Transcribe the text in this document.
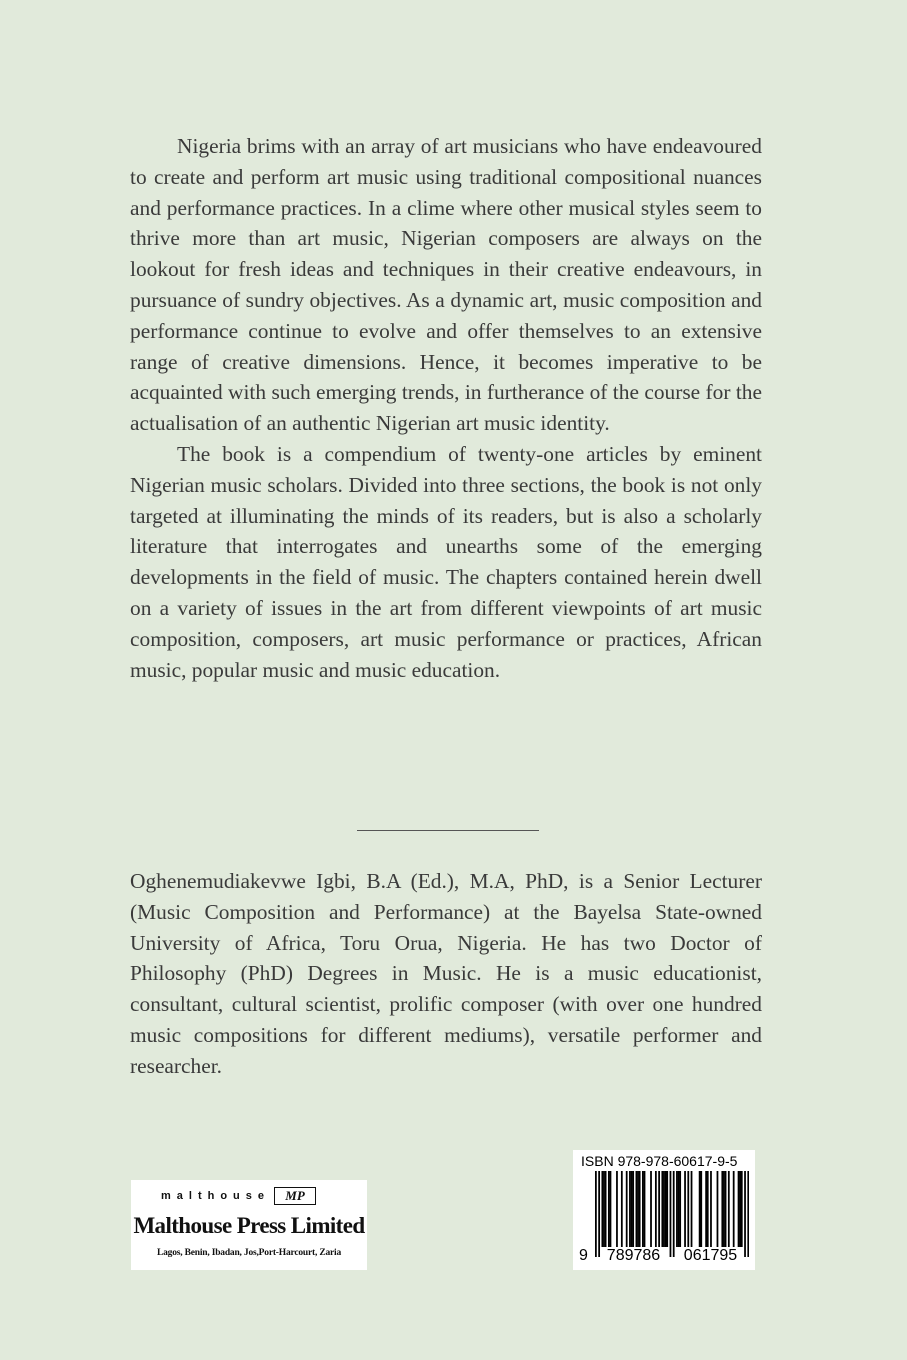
Nigeria brims with an array of art musicians who have endeavoured to create and perform art music using traditional compositional nuances and performance practices. In a clime where other musical styles seem to thrive more than art music, Nigerian composers are always on the lookout for fresh ideas and techniques in their creative endeavours, in pursuance of sundry objectives. As a dynamic art, music composition and performance continue to evolve and offer themselves to an extensive range of creative dimensions. Hence, it becomes imperative to be acquainted with such emerging trends, in furtherance of the course for the actualisation of an authentic Nigerian art music identity.

The book is a compendium of twenty-one articles by eminent Nigerian music scholars. Divided into three sections, the book is not only targeted at illuminating the minds of its readers, but is also a scholarly literature that interrogates and unearths some of the emerging developments in the field of music. The chapters contained herein dwell on a variety of issues in the art from different viewpoints of art music composition, composers, art music performance or practices, African music, popular music and music education.

Oghenemudiakevwe Igbi, B.A (Ed.), M.A, PhD, is a Senior Lecturer (Music Composition and Performance) at the Bayelsa State-owned University of Africa, Toru Orua, Nigeria. He has two Doctor of Philosophy (PhD) Degrees in Music. He is a music educationist, consultant, cultural scientist, prolific composer (with over one hundred music compositions for different mediums), versatile performer and researcher.

malthouse	MP
Malthouse Press Limited
Lagos, Benin, Ibadan, Jos,Port-Harcourt, Zaria
ISBN 978-978-60617-9-5
9 789786 061795
